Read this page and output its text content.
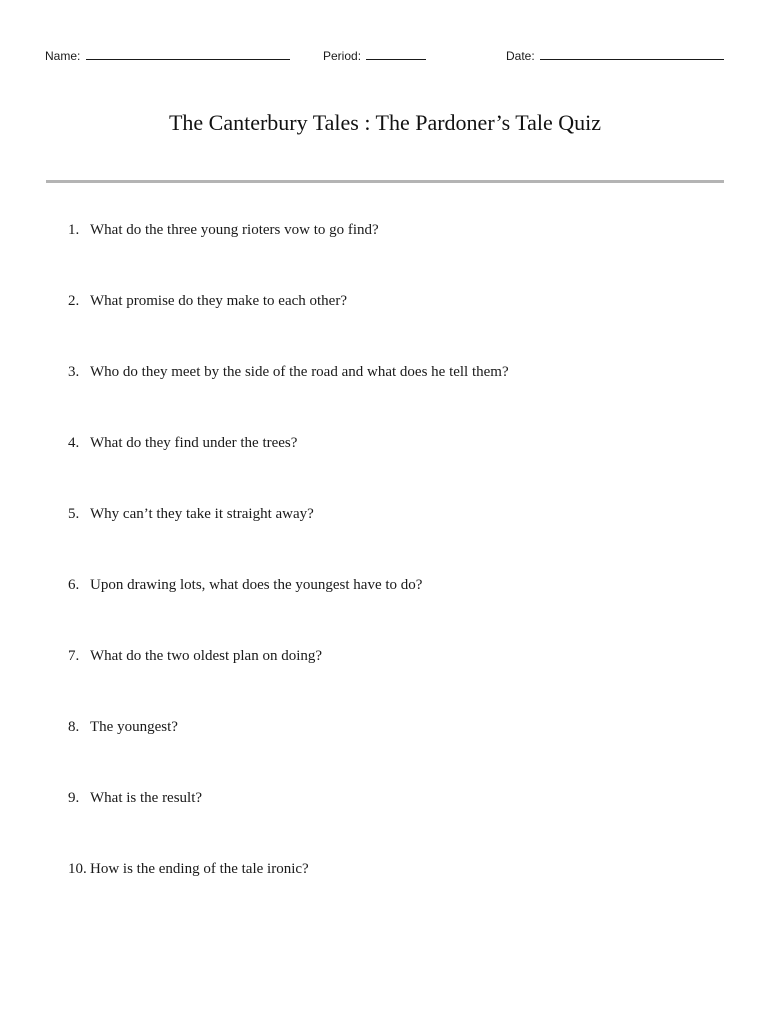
Name:	Period:	Date:
The Canterbury Tales : The Pardoner’s Tale Quiz
1. What do the three young rioters vow to go find?
2. What promise do they make to each other?
3. Who do they meet by the side of the road and what does he tell them?
4. What do they find under the trees?
5. Why can’t they take it straight away?
6. Upon drawing lots, what does the youngest have to do?
7. What do the two oldest plan on doing?
8. The youngest?
9. What is the result?
10. How is the ending of the tale ironic?
